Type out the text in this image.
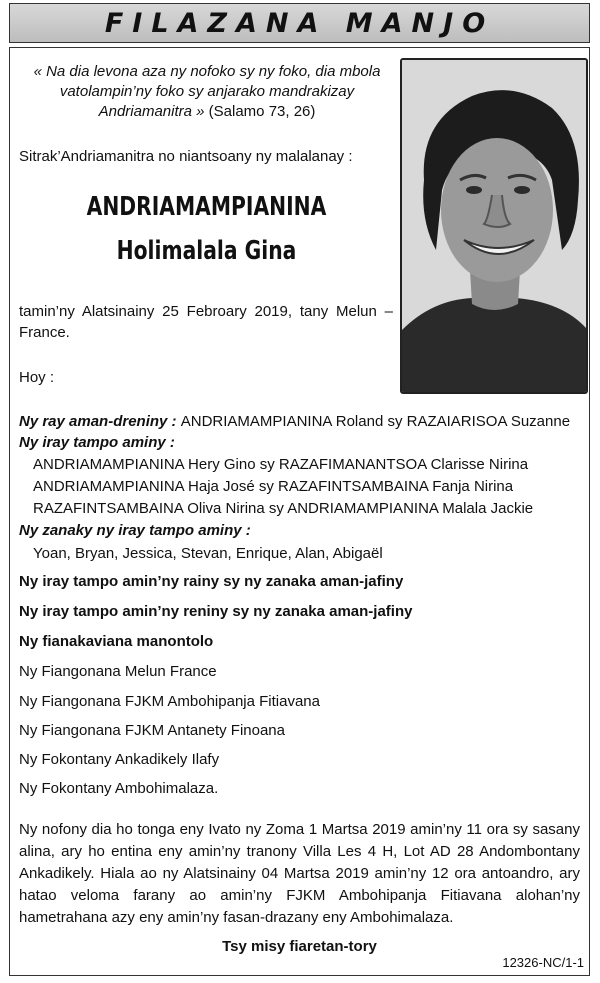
FILAZANA MANJO
« Na dia levona aza ny nofoko sy ny foko, dia mbola
vatolampin’ny foko sy anjarako mandrakizay
Andriamanitra » (Salamo 73, 26)
Sitrak’Andriamanitra no niantsoany ny malalanay :
ANDRIAMAMPIANINA
Holimalala Gina
tamin’ny Alatsinainy 25 Febroary 2019, tany Melun – France.
Hoy :
Ny ray aman-dreniny : ANDRIAMAMPIANINA Roland sy RAZAIARISOA Suzanne
Ny iray tampo aminy :
ANDRIAMAMPIANINA Hery Gino sy RAZAFIMANANTSOA Clarisse Nirina
ANDRIAMAMPIANINA Haja José sy RAZAFINTSAMBAINA Fanja Nirina
RAZAFINTSAMBAINA Oliva Nirina sy ANDRIAMAMPIANINA Malala Jackie
Ny zanaky ny iray tampo aminy :
Yoan, Bryan, Jessica, Stevan, Enrique, Alan, Abigaël
Ny iray tampo amin’ny rainy sy ny zanaka aman-jafiny
Ny iray tampo amin’ny reniny sy ny zanaka aman-jafiny
Ny fianakaviana manontolo
Ny Fiangonana Melun France
Ny Fiangonana FJKM Ambohipanja Fitiavana
Ny Fiangonana FJKM Antanety Finoana
Ny Fokontany Ankadikely Ilafy
Ny Fokontany Ambohimalaza.
Ny nofony dia ho tonga eny Ivato ny Zoma 1 Martsa 2019 amin’ny 11 ora sy sasany alina, ary ho entina eny amin’ny tranony Villa Les 4 H, Lot AD 28 Andombontany Ankadikely. Hiala ao ny Alatsinainy 04 Martsa 2019 amin’ny 12 ora antoandro, ary hatao veloma farany ao amin’ny FJKM Ambohipanja Fitiavana alohan’ny hametrahana azy eny amin’ny fasan-drazany eny Ambohimalaza.
Tsy misy fiaretan-tory
12326-NC/1-1
